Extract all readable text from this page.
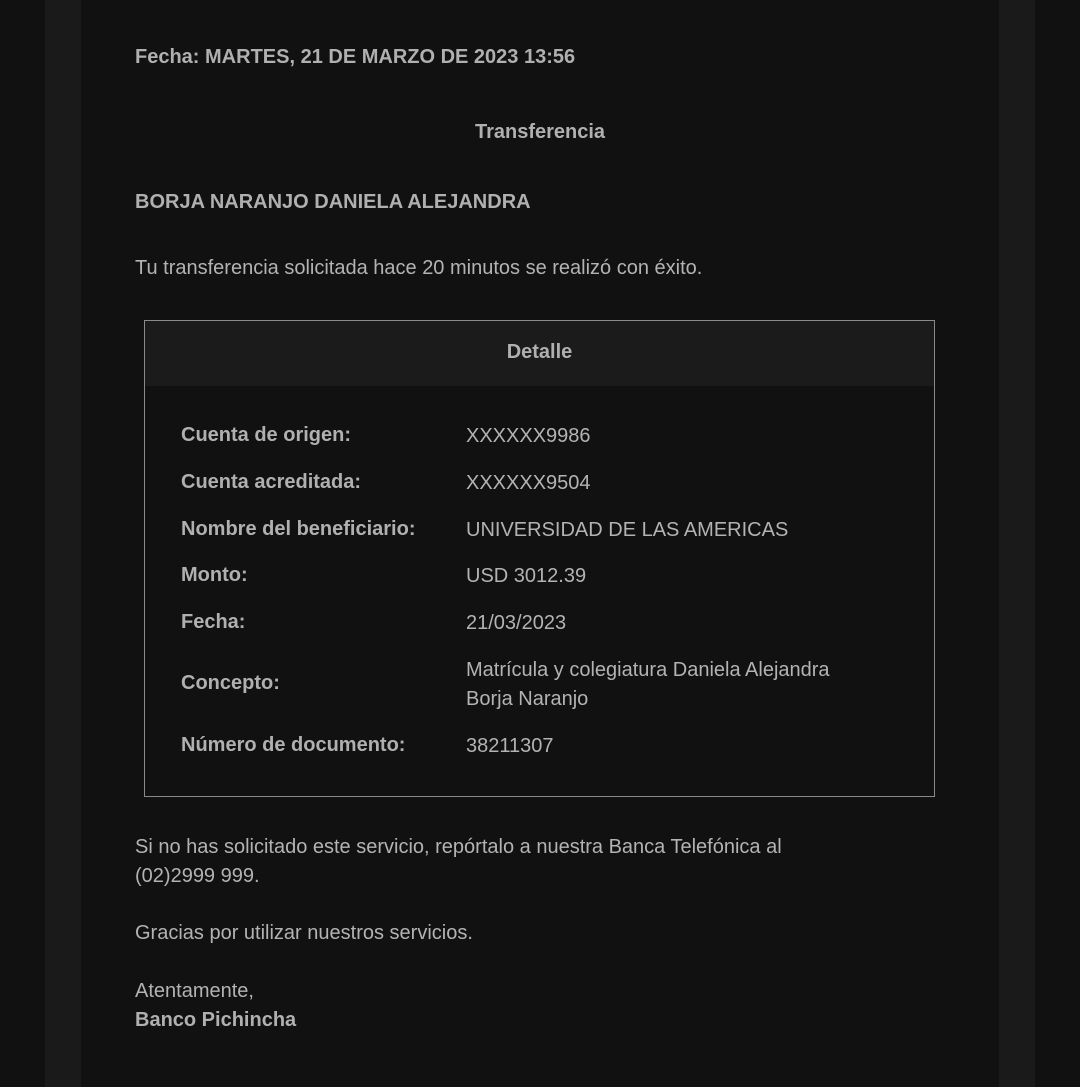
Fecha: MARTES, 21 DE MARZO DE 2023 13:56
Transferencia
BORJA NARANJO DANIELA ALEJANDRA
Tu transferencia solicitada hace 20 minutos se realizó con éxito.
Detalle
Cuenta de origen:	XXXXXX9986
Cuenta acreditada:	XXXXXX9504
Nombre del beneficiario:	UNIVERSIDAD DE LAS AMERICAS
Monto:	USD 3012.39
Fecha:	21/03/2023
Concepto:
Matrícula y colegiatura Daniela Alejandra
Borja Naranjo
Número de documento:	38211307
Si no has solicitado este servicio, repórtalo a nuestra Banca Telefónica al (02)2999 999.
Gracias por utilizar nuestros servicios.
Atentamente,
Banco Pichincha
